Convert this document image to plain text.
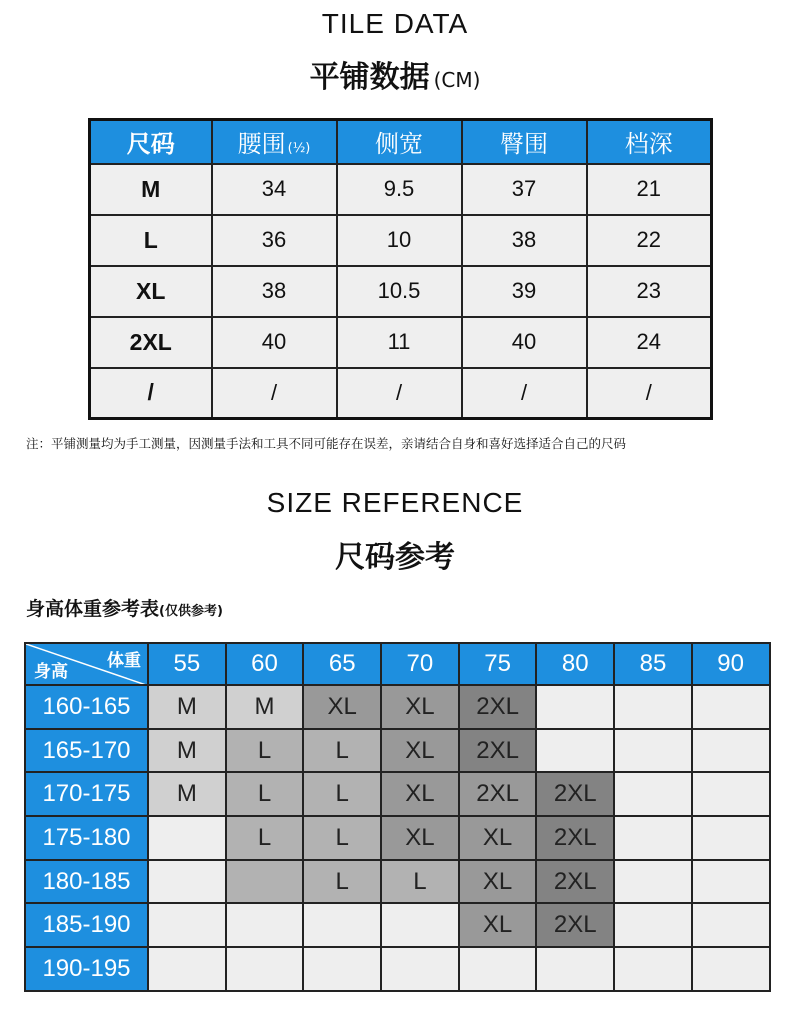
TILE DATA
平铺数据 (CM)
尺码	腰围 (½)	侧宽	臀围	档深
M	34	9.5	37	21
L	36	10	38	22
XL	38	10.5	39	23
2XL	40	11	40	24
/	/	/	/	/
注：平铺测量均为手工测量，因测量手法和工具不同可能存在误差，亲请结合自身和喜好选择适合自己的尺码
SIZE REFERENCE
尺码参考
身高体重参考表(仅供参考)
体重
身高	55	60	65	70	75	80	85	90
160-165	M	M	XL	XL	2XL			
165-170	M	L	L	XL	2XL			
170-175	M	L	L	XL	2XL	2XL		
175-180		L	L	XL	XL	2XL		
180-185			L	L	XL	2XL		
185-190					XL	2XL		
190-195								
